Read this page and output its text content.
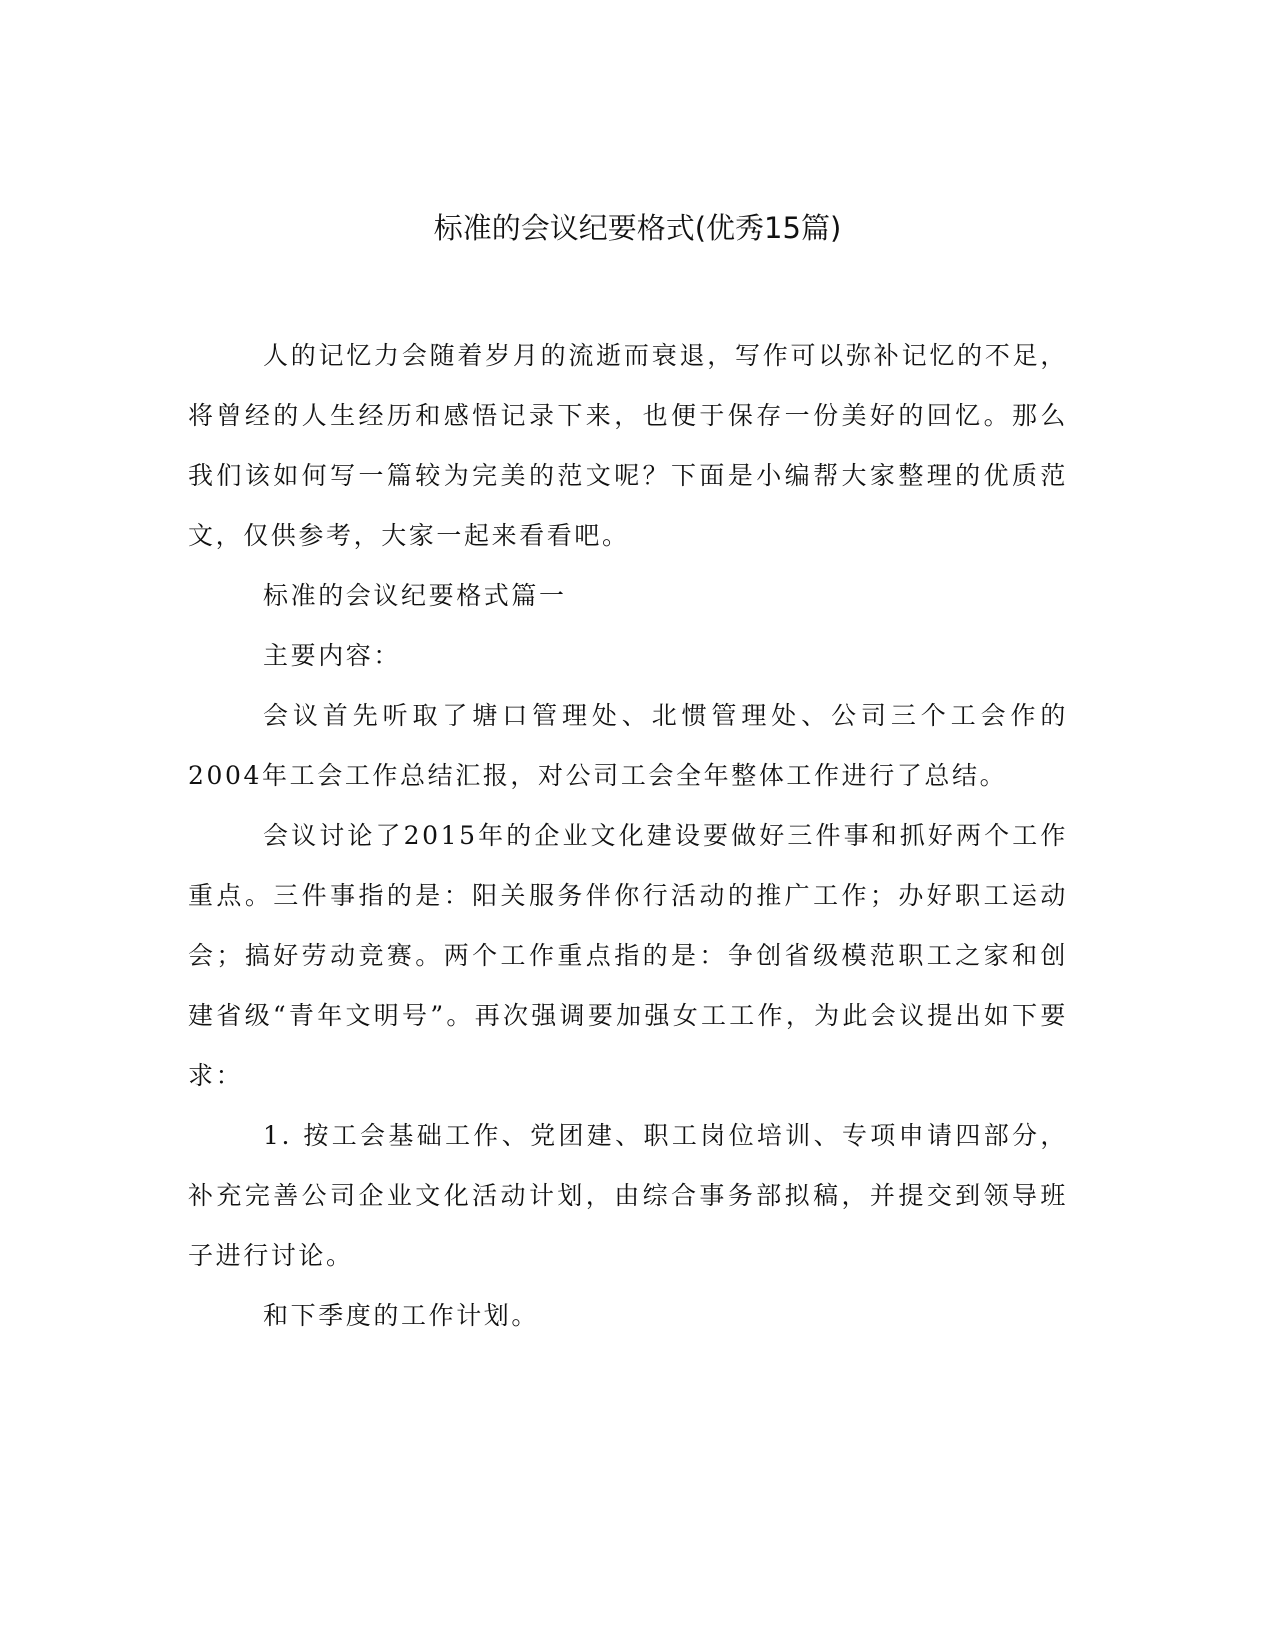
标准的会议纪要格式(优秀15篇)

人的记忆力会随着岁月的流逝而衰退，写作可以弥补记忆的不足，将曾经的人生经历和感悟记录下来，也便于保存一份美好的回忆。那么我们该如何写一篇较为完美的范文呢？下面是小编帮大家整理的优质范文，仅供参考，大家一起来看看吧。

标准的会议纪要格式篇一

主要内容：

会议首先听取了塘口管理处、北惯管理处、公司三个工会作的2004年工会工作总结汇报，对公司工会全年整体工作进行了总结。

会议讨论了2015年的企业文化建设要做好三件事和抓好两个工作重点。三件事指的是：阳关服务伴你行活动的推广工作；办好职工运动会；搞好劳动竞赛。两个工作重点指的是：争创省级模范职工之家和创建省级“青年文明号”。再次强调要加强女工工作，为此会议提出如下要求：

1. 按工会基础工作、党团建、职工岗位培训、专项申请四部分，补充完善公司企业文化活动计划，由综合事务部拟稿，并提交到领导班子进行讨论。

和下季度的工作计划。
